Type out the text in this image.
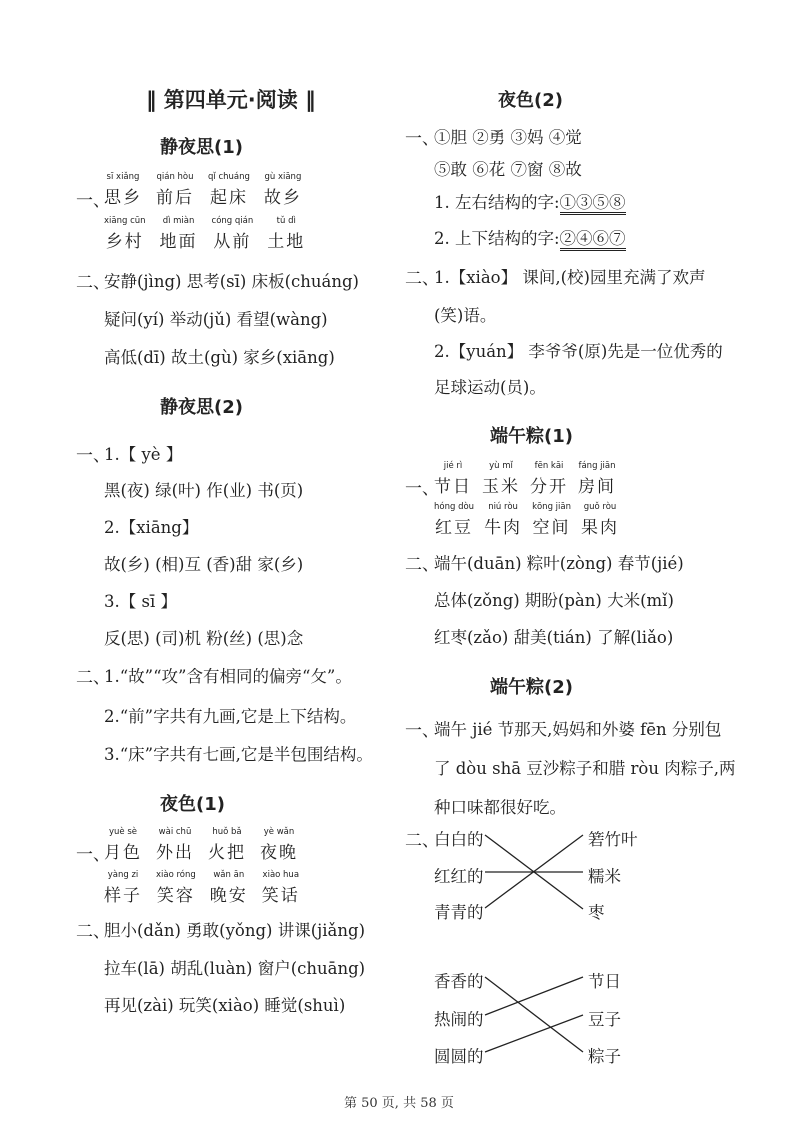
‖ 第四单元·阅读 ‖
静夜思(1)
一、
sī xiǎng
思乡
qián hòu
前后
qǐ chuáng
起床
gù xiāng
故乡
xiāng cūn
乡村
dì miàn
地面
cóng qián
从前
tǔ dì
土地
二、
安静(jìng) 思考(sī) 床板(chuáng)
疑问(yí) 举动(jǔ) 看望(wàng)
高低(dī) 故土(gù) 家乡(xiāng)
静夜思(2)
一、
1.【 yè 】
黑(夜) 绿(叶) 作(业) 书(页)
2.【xiāng】
故(乡) (相)互 (香)甜 家(乡)
3.【 sī 】
反(思) (司)机 粉(丝) (思)念
二、
1.“故”“攻”含有相同的偏旁“攵”。
2.“前”字共有九画,它是上下结构。
3.“床”字共有七画,它是半包围结构。
夜色(1)
一、
yuè sè
月色
wài chū
外出
huǒ bǎ
火把
yè wǎn
夜晚
yàng zi
样子
xiào róng
笑容
wǎn ān
晚安
xiào hua
笑话
二、
胆小(dǎn) 勇敢(yǒng) 讲课(jiǎng)
拉车(lā) 胡乱(luàn) 窗户(chuāng)
再见(zài) 玩笑(xiào) 睡觉(shuì)
夜色(2)
一、
①胆 ②勇 ③妈 ④觉
⑤敢 ⑥花 ⑦窗 ⑧故
1. 左右结构的字:①③⑤⑧
2. 上下结构的字:②④⑥⑦
二、
1.【xiào】 课间,(校)园里充满了欢声
(笑)语。
2.【yuán】 李爷爷(原)先是一位优秀的
足球运动(员)。
端午粽(1)
一、
jié rì
节日
yù mǐ
玉米
fēn kāi
分开
fáng jiān
房间
hóng dòu
红豆
niú ròu
牛肉
kōng jiān
空间
guǒ ròu
果肉
二、
端午(duān) 粽叶(zòng) 春节(jié)
总体(zǒng) 期盼(pàn) 大米(mǐ)
红枣(zǎo) 甜美(tián) 了解(liǎo)
端午粽(2)
一、
端午 jié 节那天,妈妈和外婆 fēn 分别包
了 dòu shā 豆沙粽子和腊 ròu 肉粽子,两
种口味都很好吃。
二、
白白的
红红的
青青的
箬竹叶
糯米
枣
香香的
热闹的
圆圆的
节日
豆子
粽子
第 50 页, 共 58 页
